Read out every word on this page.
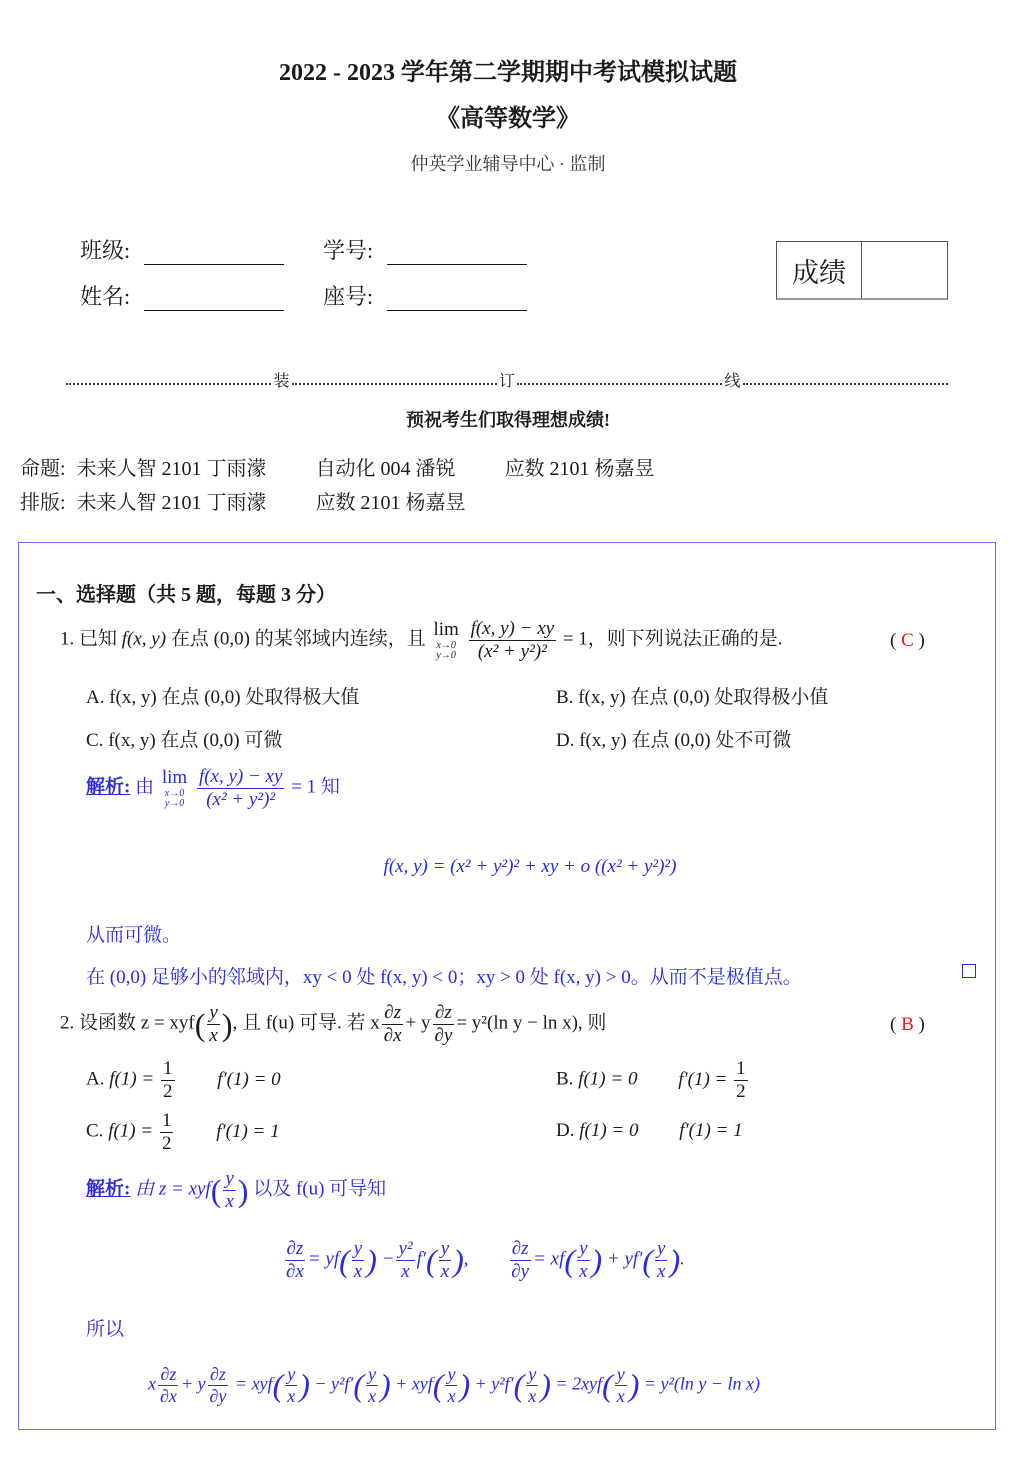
2022 - 2023 学年第二学期期中考试模拟试题
《高等数学》
仲英学业辅导中心 · 监制
班级:	学号:
姓名:	座号:
成绩
装	订	线
预祝考生们取得理想成绩!
命题: 未来人智 2101 丁雨濛 自动化 004 潘锐 应数 2101 杨嘉昱
排版: 未来人智 2101 丁雨濛 应数 2101 杨嘉昱
一、选择题（共 5 题，每题 3 分）
1. 已知 f(x, y) 在点 (0,0) 的某邻域内连续，且 lim
x→0
y→0
$\frac{f(x, y) - xy}{\text{(x² + y²)²}} = 1$，则下列说法正确的是.	( C )
A. f(x, y) 在点 (0,0) 处取得极大值	B. f(x, y) 在点 (0,0) 处取得极小值
C. f(x, y) 在点 (0,0) 可微	D. f(x, y) 在点 (0,0) 处不可微
解析: 由 lim
x→0
y→0
$\frac{f(x, y) - xy}{\text{(x² + y²)²}} = 1$ 知
f(x, y) = (x² + y²)² + xy + o ((x² + y²)²)
从而可微。
在 (0,0) 足够小的邻域内，xy < 0 处 f(x, y) < 0；xy > 0 处 f(x, y) > 0。从而不是极值点。
2. 设函数 $z = xyf( \frac{y}{x}$ ), 且 f(u) 可导. 若 x $\frac{\partial z}{\partial x} + y \frac{\partial z}{\partial y} = y^2(\ln$ y − ln x), 则	( B )
A. $f(1) = \frac{1}{2} f'(1) = 0$	B. f(1) = 0 $f'(1) = \frac{1}{2}$
C. $f(1) = \frac{1}{2} f'(1) = 1$	D. f(1) = 0 f′(1) = 1
解析: 由 $z = xyf( \frac{y}{x}$ ) 以及 f(u) 可导知
$\frac{\partial z}{\partial x} = yf( \frac{y}{x}$ ) − $\frac{\text{y²}}{x} f'( \frac{y}{x}$ ), $\frac{\partial z}{\partial y} = xf( \frac{y}{x}$ ) + $yf'( \frac{y}{x}$ ).
所以
x $\frac{\partial z}{\partial x} + y \frac{\partial z}{\partial y} = xyf( \frac{y}{x}$ ) − $y^2f'( \frac{y}{x}$ ) + $xyf( \frac{y}{x}$ ) + $y^2f'( \frac{y}{x}$ ) = $2xyf( \frac{y}{x}$ ) = y²(ln y − ln x)
